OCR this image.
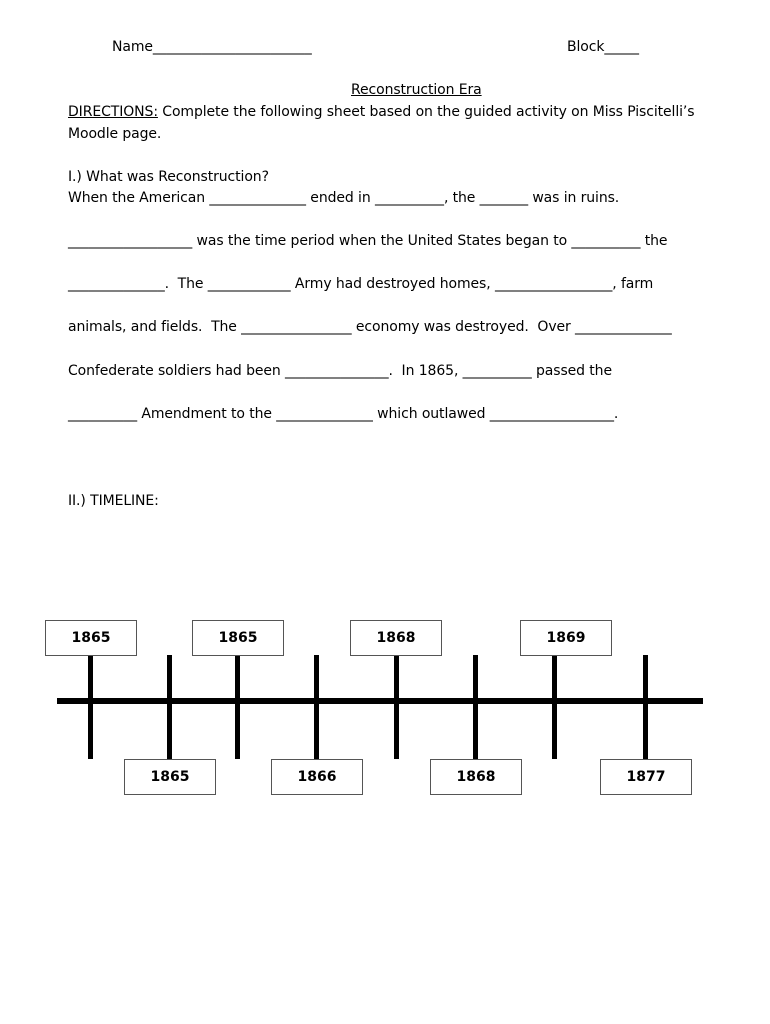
Name_______________________	Block_____
Reconstruction Era
DIRECTIONS: Complete the following sheet based on the guided activity on Miss Piscitelli’s
Moodle page.
I.) What was Reconstruction?
When the American ______________ ended in __________, the _______ was in ruins.
__________________ was the time period when the United States began to __________ the
______________.  The ____________ Army had destroyed homes, _________________, farm
animals, and fields.  The ________________ economy was destroyed.  Over ______________
Confederate soldiers had been _______________.  In 1865, __________ passed the
__________ Amendment to the ______________ which outlawed __________________.
II.) TIMELINE:
1865	1865	1868	1869
1865	1866	1868	1877
